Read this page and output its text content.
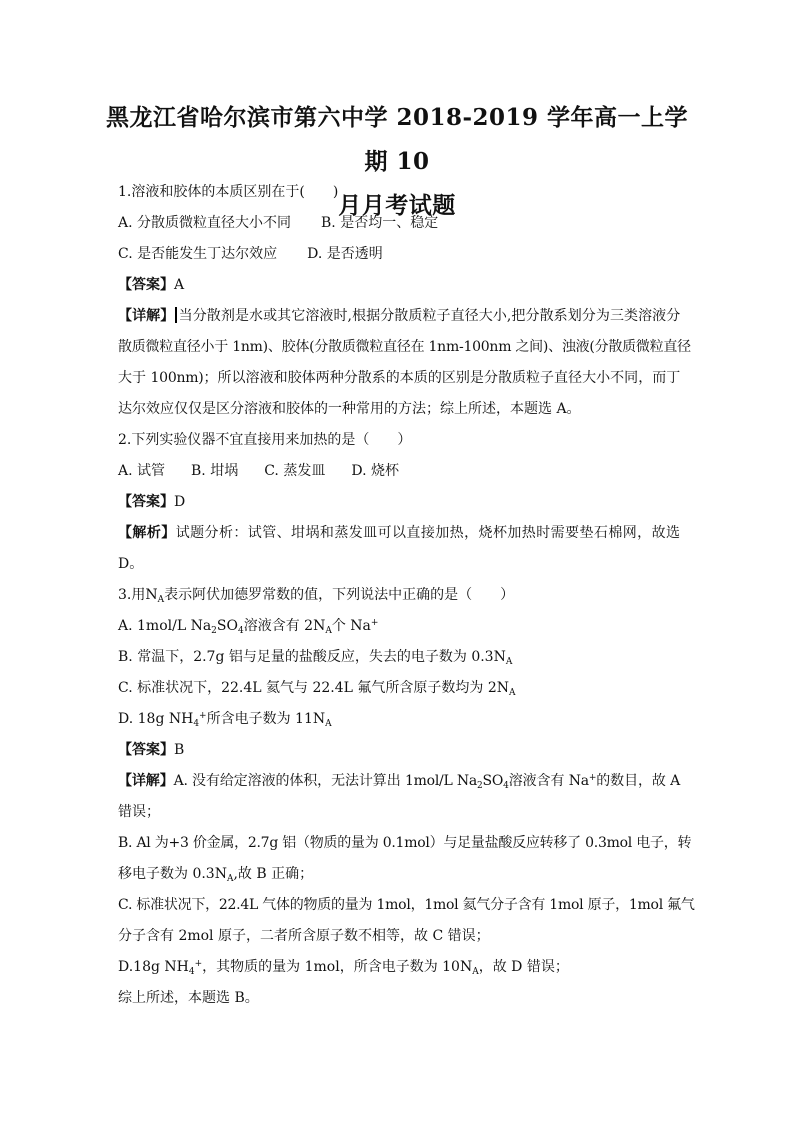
黑龙江省哈尔滨市第六中学 2018-2019 学年高一上学期 10
月月考试题
1.溶液和胶体的本质区别在于(　　)
A. 分散质微粒直径大小不同 B. 是否均一、稳定
C. 是否能发生丁达尔效应 D. 是否透明
【答案】A
【详解】 当分散剂是水或其它溶液时,根据分散质粒子直径大小,把分散系划分为三类溶液分
散质微粒直径小于 1nm)、胶体(分散质微粒直径在 1nm-100nm 之间)、浊液(分散质微粒直径
大于 100nm)；所以溶液和胶体两种分散系的本质的区别是分散质粒子直径大小不同，而丁
达尔效应仅仅是区分溶液和胶体的一种常用的方法；综上所述，本题选 A。
2.下列实验仪器不宜直接用来加热的是（　　）
A. 试管 B. 坩埚 C. 蒸发皿 D. 烧杯
【答案】D
【解析】试题分析：试管、坩埚和蒸发皿可以直接加热，烧杯加热时需要垫石棉网，故选
D。
3.用$N_A$表示阿伏加德罗常数的值，下列说法中正确的是（　　）
A. 1mol/L $Na_2SO_4$溶液含有 $2N_A$个 Na+
B. 常温下，2.7g 铝与足量的盐酸反应，失去的电子数为 $0.3N_A$
C. 标准状况下，22.4L 氦气与 22.4L 氟气所含原子数均为 $2N_A$
D. 18g $NH_4^+$所含电子数为 $11N_A$
【答案】B
【详解】A. 没有给定溶液的体积，无法计算出 1mol/L $Na_2SO_4$溶液含有 Na+的数目，故 A
错误；
B. Al 为+3 价金属，2.7g 铝（物质的量为 0.1mol）与足量盐酸反应转移了 0.3mol 电子，转
移电子数为 $0.3N_A$,故 B 正确；
C. 标准状况下，22.4L 气体的物质的量为 1mol，1mol 氦气分子含有 1mol 原子，1mol 氟气
分子含有 2mol 原子，二者所含原子数不相等，故 C 错误；
D.18g $NH_4^+$，其物质的量为 1mol，所含电子数为 $10N_A$，故 D 错误；
综上所述，本题选 B。
